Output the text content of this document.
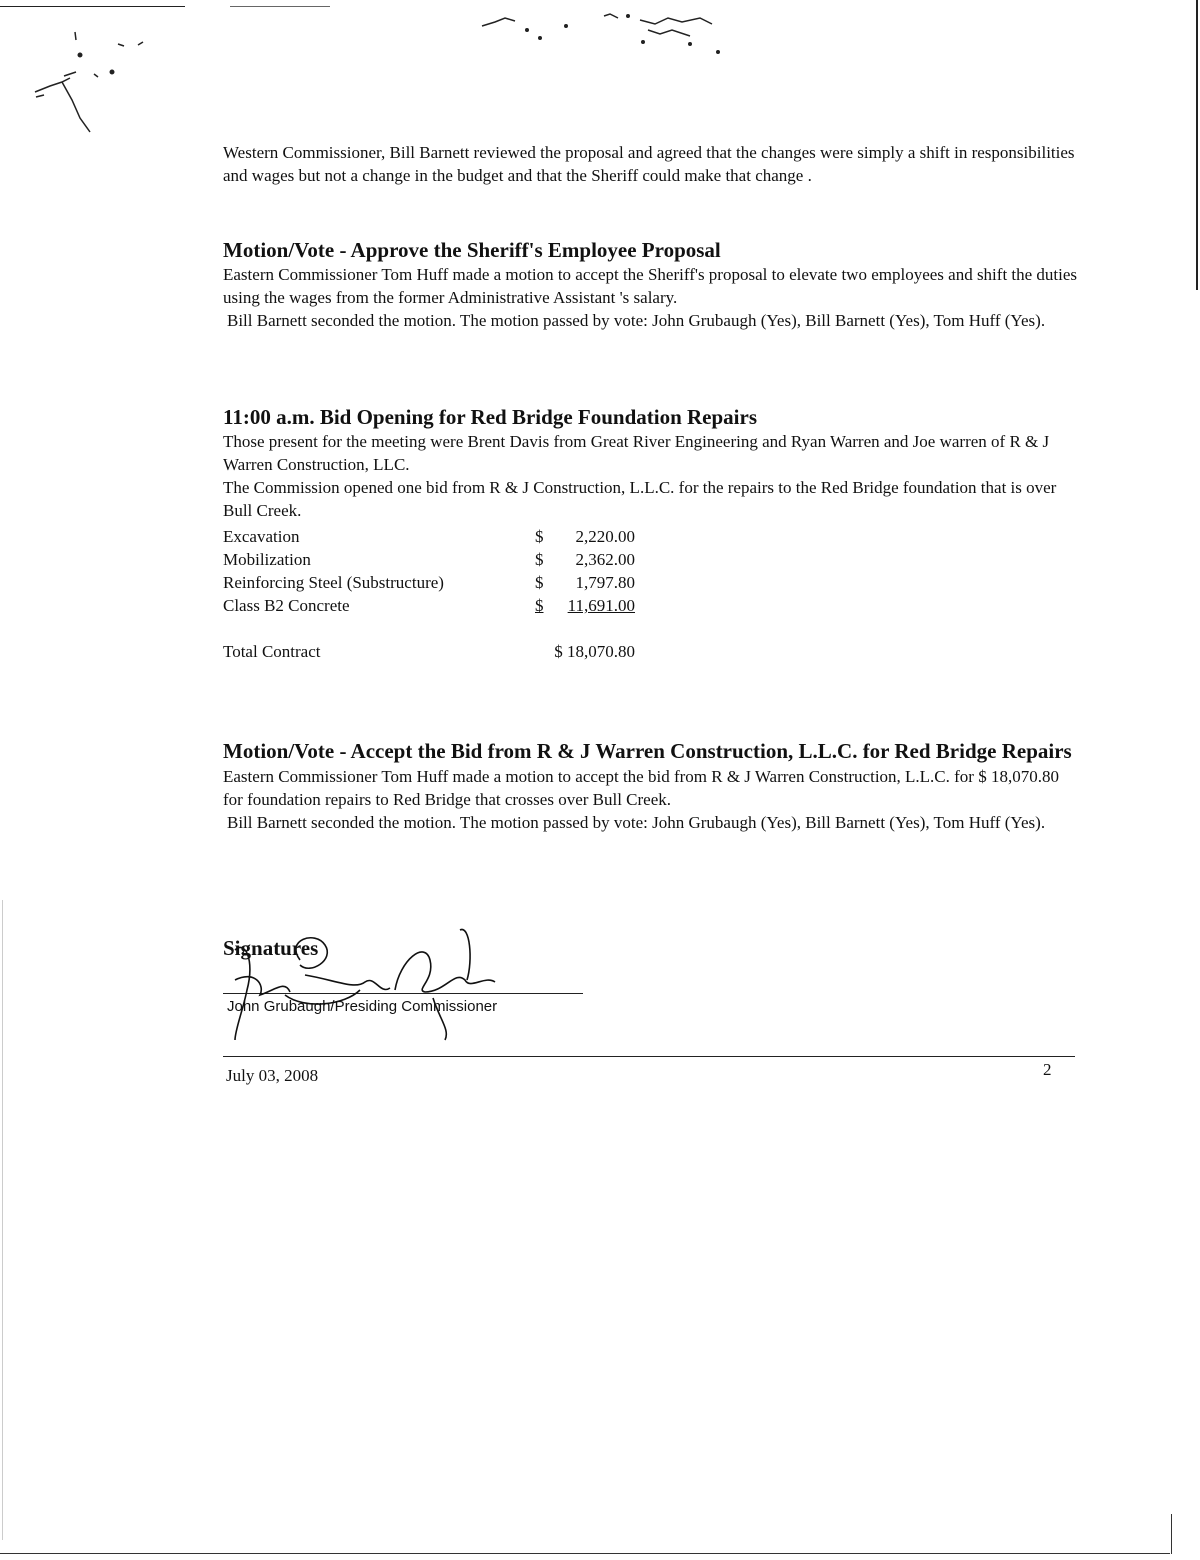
Western Commissioner, Bill Barnett reviewed the proposal and agreed that the changes were simply a shift in responsibilities and wages but not a change in the budget and that the Sheriff could make that change .

Motion/Vote - Approve the Sheriff's Employee Proposal

Eastern Commissioner Tom Huff made a motion to accept the Sheriff's proposal to elevate two employees and shift the duties using the wages from the former Administrative Assistant 's salary.

Bill Barnett seconded the motion. The motion passed by vote: John Grubaugh (Yes), Bill Barnett (Yes), Tom Huff (Yes).

11:00 a.m. Bid Opening for Red Bridge Foundation Repairs

Those present for the meeting were Brent Davis from Great River Engineering and Ryan Warren and Joe warren of R & J Warren Construction, LLC.

The Commission opened one bid from R & J Construction, L.L.C. for the repairs to the Red Bridge foundation that is over Bull Creek.

Excavation	$	2,220.00
Mobilization	$	2,362.00
Reinforcing Steel (Substructure)	$	1,797.80
Class B2 Concrete	$	11,691.00

Total Contract	$ 18,070.80	
Motion/Vote - Accept the Bid from R & J Warren Construction, L.L.C. for Red Bridge Repairs

Eastern Commissioner Tom Huff made a motion to accept the bid from R & J Warren Construction, L.L.C. for $ 18,070.80 for foundation repairs to Red Bridge that crosses over Bull Creek.

Bill Barnett seconded the motion. The motion passed by vote: John Grubaugh (Yes), Bill Barnett (Yes), Tom Huff (Yes).

Signatures
John Grubaugh/Presiding Commissioner
July 03, 2008	2
